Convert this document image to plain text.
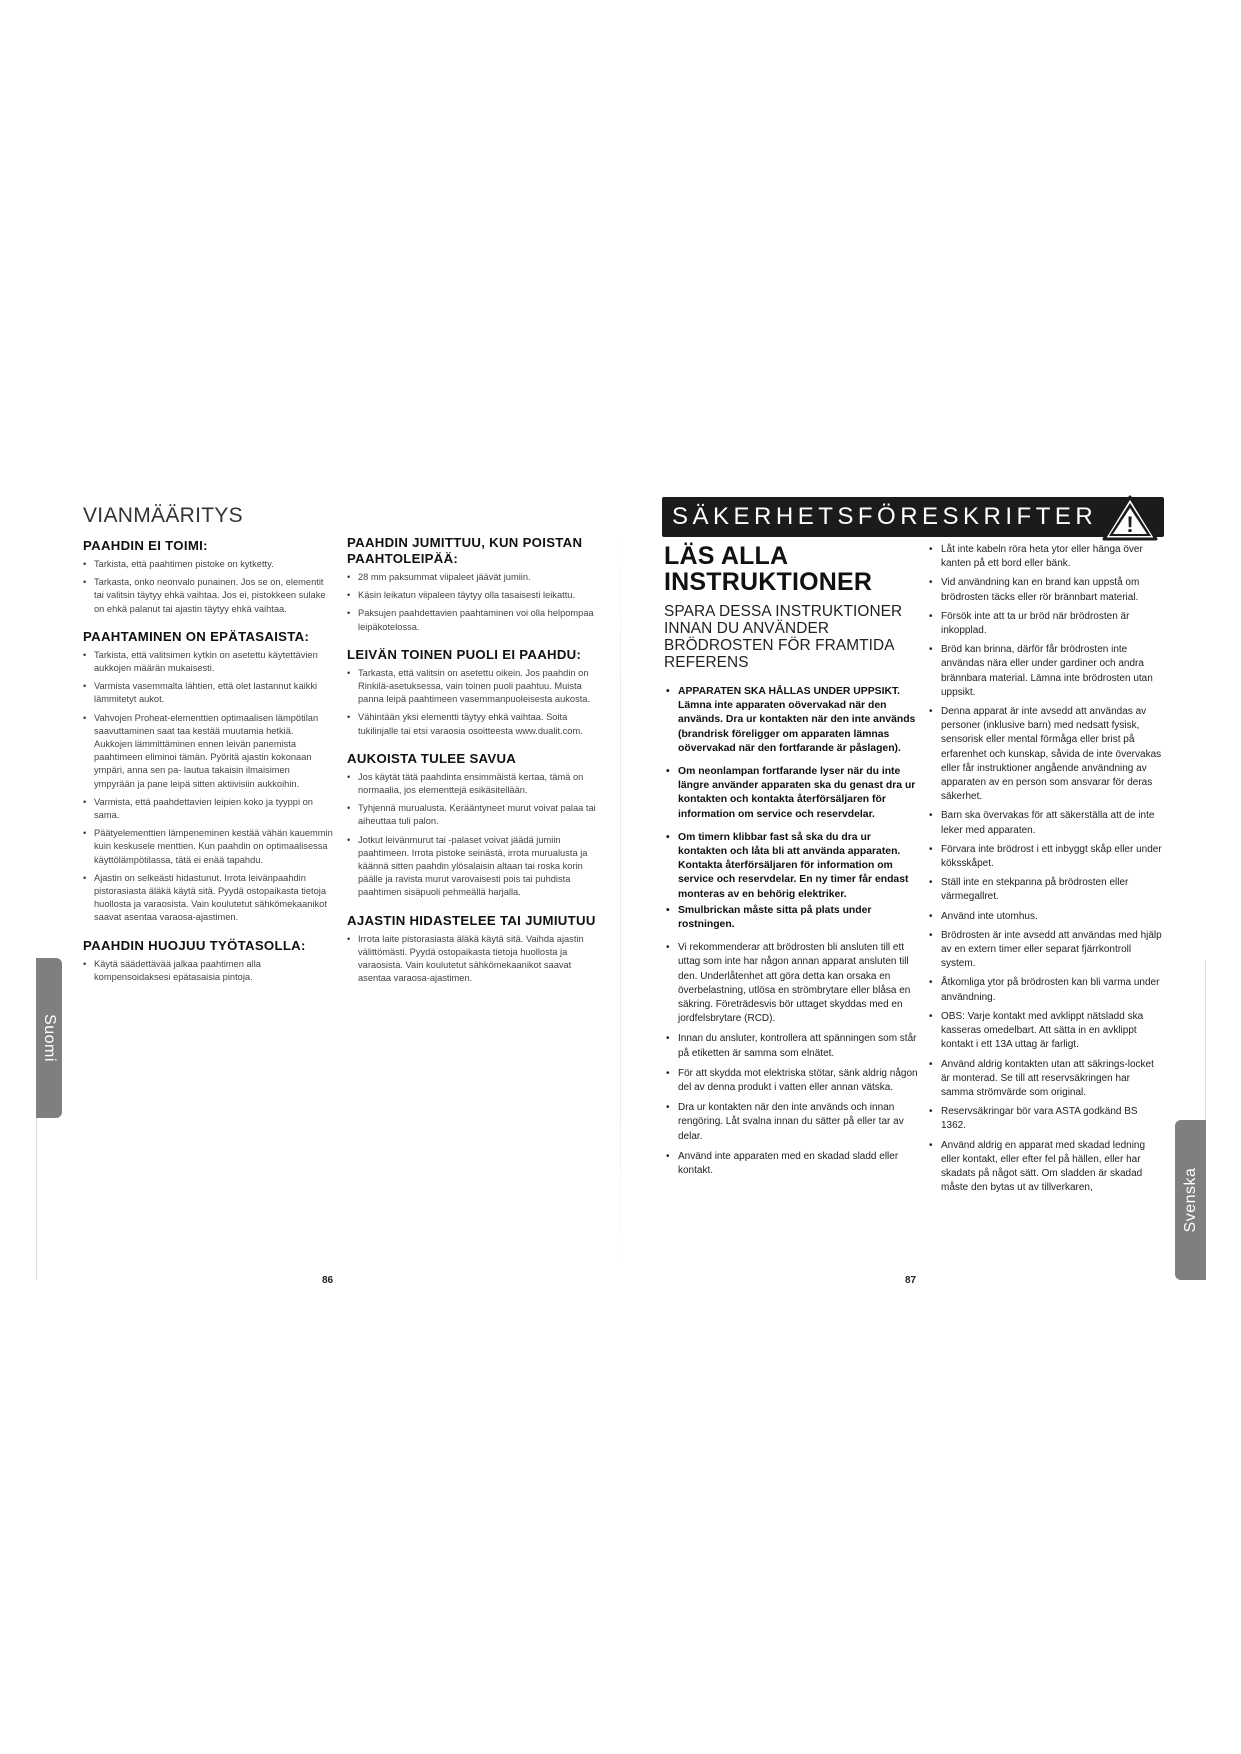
VIANMÄÄRITYS
PAAHDIN EI TOIMI:
• Tarkista, että paahtimen pistoke on kytketty.
• Tarkasta, onko neonvalo punainen. Jos se on, elementit tai valitsin täytyy ehkä vaihtaa. Jos ei, pistokkeen sulake on ehkä palanut tai ajastin täytyy ehkä vaihtaa.
PAAHTAMINEN ON EPÄTASAISTA:
• Tarkista, että valitsimen kytkin on asetettu käytettävien aukkojen määrän mukaisesti.
• Varmista vasemmalta lähtien, että olet lastannut kaikki lämmitetyt aukot.
• Vahvojen Proheat-elementtien optimaalisen lämpötilan saavuttaminen saat taa kestää muutamia hetkiä. Aukkojen lämmittäminen ennen leivän panemista paahtimeen eliminoi tämän. Pyöritä ajastin kokonaan ympäri, anna sen pa- lautua takaisin ilmaisimen ympyrään ja pane leipä sitten aktiivisiin aukkoihin.
• Varmista, että paahdettavien leipien koko ja tyyppi on sama.
• Päätyelementtien lämpeneminen kestää vähän kauemmin kuin keskusele menttien. Kun paahdin on optimaalisessa käyttölämpötilassa, tätä ei enää tapahdu.
• Ajastin on selkeästi hidastunut. Irrota leivänpaahdin pistorasiasta äläkä käytä sitä. Pyydä ostopaikasta tietoja huollosta ja varaosista. Vain koulutetut sähkömekaanikot saavat asentaa varaosa-ajastimen.
PAAHDIN HUOJUU TYÖTASOLLA:
• Käytä säädettävää jalkaa paahtimen alla kompensoidaksesi epätasaisia pintoja.
PAAHDIN JUMITTUU, KUN POISTAN PAAHTOLEIPÄÄ:
• 28 mm paksummat viipaleet jäävät jumiin.
• Käsin leikatun viipaleen täytyy olla tasaisesti leikattu.
• Paksujen paahdettavien paahtaminen voi olla helpompaa leipäkotelossa.
LEIVÄN TOINEN PUOLI EI PAAHDU:
• Tarkasta, että valitsin on asetettu oikein. Jos paahdin on Rinkilä-asetuksessa, vain toinen puoli paahtuu. Muista panna leipä paahtimeen vasemmanpuoleisesta aukosta.
• Vähintään yksi elementti täytyy ehkä vaihtaa. Soita tukilinjalle tai etsi varaosia osoitteesta www.dualit.com.
AUKOISTA TULEE SAVUA
• Jos käytät tätä paahdinta ensimmäistä kertaa, tämä on normaalia, jos elementtejä esikäsitellään.
• Tyhjennä murualusta. Kerääntyneet murut voivat palaa tai aiheuttaa tuli palon.
• Jotkut leivänmurut tai -palaset voivat jäädä jumiin paahtimeen. Irrota pistoke seinästä, irrota murualusta ja käännä sitten paahdin ylösalaisin altaan tai roska korin päälle ja ravista murut varovaisesti pois tai puhdista paahtimen sisäpuoli pehmeällä harjalla.
AJASTIN HIDASTELEE TAI JUMIUTUU
• Irrota laite pistorasiasta äläkä käytä sitä. Vaihda ajastin välittömästi. Pyydä ostopaikasta tietoja huollosta ja varaosista. Vain koulutetut sähkömekaanikot saavat asentaa varaosa-ajastimen.
86
Suomi
SÄKERHETSFÖRESKRIFTER !
LÄS ALLA INSTRUKTIONER
SPARA DESSA INSTRUKTIONER INNAN DU ANVÄNDER BRÖDROSTEN FÖR FRAMTIDA REFERENS
• APPARATEN SKA HÅLLAS UNDER UPPSIKT. Lämna inte apparaten oövervakad när den används. Dra ur kontakten när den inte används (brandrisk föreligger om apparaten lämnas oövervakad när den fortfarande är påslagen).
• Om neonlampan fortfarande lyser när du inte längre använder apparaten ska du genast dra ur kontakten och kontakta återförsäljaren för information om service och reservdelar.
• Om timern klibbar fast så ska du dra ur kontakten och låta bli att använda apparaten. Kontakta återförsäljaren för information om service och reservdelar. En ny timer får endast monteras av en behörig elektriker.
• Smulbrickan måste sitta på plats under rostningen.
• Vi rekommenderar att brödrosten bli ansluten till ett uttag som inte har någon annan apparat ansluten till den. Underlåtenhet att göra detta kan orsaka en överbelastning, utlösa en strömbrytare eller blåsa en säkring. Företrädesvis bör uttaget skyddas med en jordfelsbrytare (RCD).
• Innan du ansluter, kontrollera att spänningen som står på etiketten är samma som elnätet.
• För att skydda mot elektriska stötar, sänk aldrig någon del av denna produkt i vatten eller annan vätska.
• Dra ur kontakten när den inte används och innan rengöring. Låt svalna innan du sätter på eller tar av delar.
• Använd inte apparaten med en skadad sladd eller kontakt.
• Låt inte kabeln röra heta ytor eller hänga över kanten på ett bord eller bänk.
• Vid användning kan en brand kan uppstå om brödrosten täcks eller rör brännbart material.
• Försök inte att ta ur bröd när brödrosten är inkopplad.
• Bröd kan brinna, därför får brödrosten inte användas nära eller under gardiner och andra brännbara material. Lämna inte brödrosten utan uppsikt.
• Denna apparat är inte avsedd att användas av personer (inklusive barn) med nedsatt fysisk, sensorisk eller mental förmåga eller brist på erfarenhet och kunskap, såvida de inte övervakas eller får instruktioner angående användning av apparaten av en person som ansvarar för deras säkerhet.
• Barn ska övervakas för att säkerställa att de inte leker med apparaten.
• Förvara inte brödrost i ett inbyggt skåp eller under köksskåpet.
• Ställ inte en stekpanna på brödrosten eller värmegallret.
• Använd inte utomhus.
• Brödrosten är inte avsedd att användas med hjälp av en extern timer eller separat fjärrkontroll system.
• Åtkomliga ytor på brödrosten kan bli varma under användning.
• OBS: Varje kontakt med avklippt nätsladd ska kasseras omedelbart. Att sätta in en avklippt kontakt i ett 13A uttag är farligt.
• Använd aldrig kontakten utan att säkrings-locket är monterad. Se till att reservsäkringen har samma strömvärde som original.
• Reservsäkringar bör vara ASTA godkänd BS 1362.
• Använd aldrig en apparat med skadad ledning eller kontakt, eller efter fel på hällen, eller har skadats på något sätt. Om sladden är skadad måste den bytas ut av tillverkaren,
87
Svenska
